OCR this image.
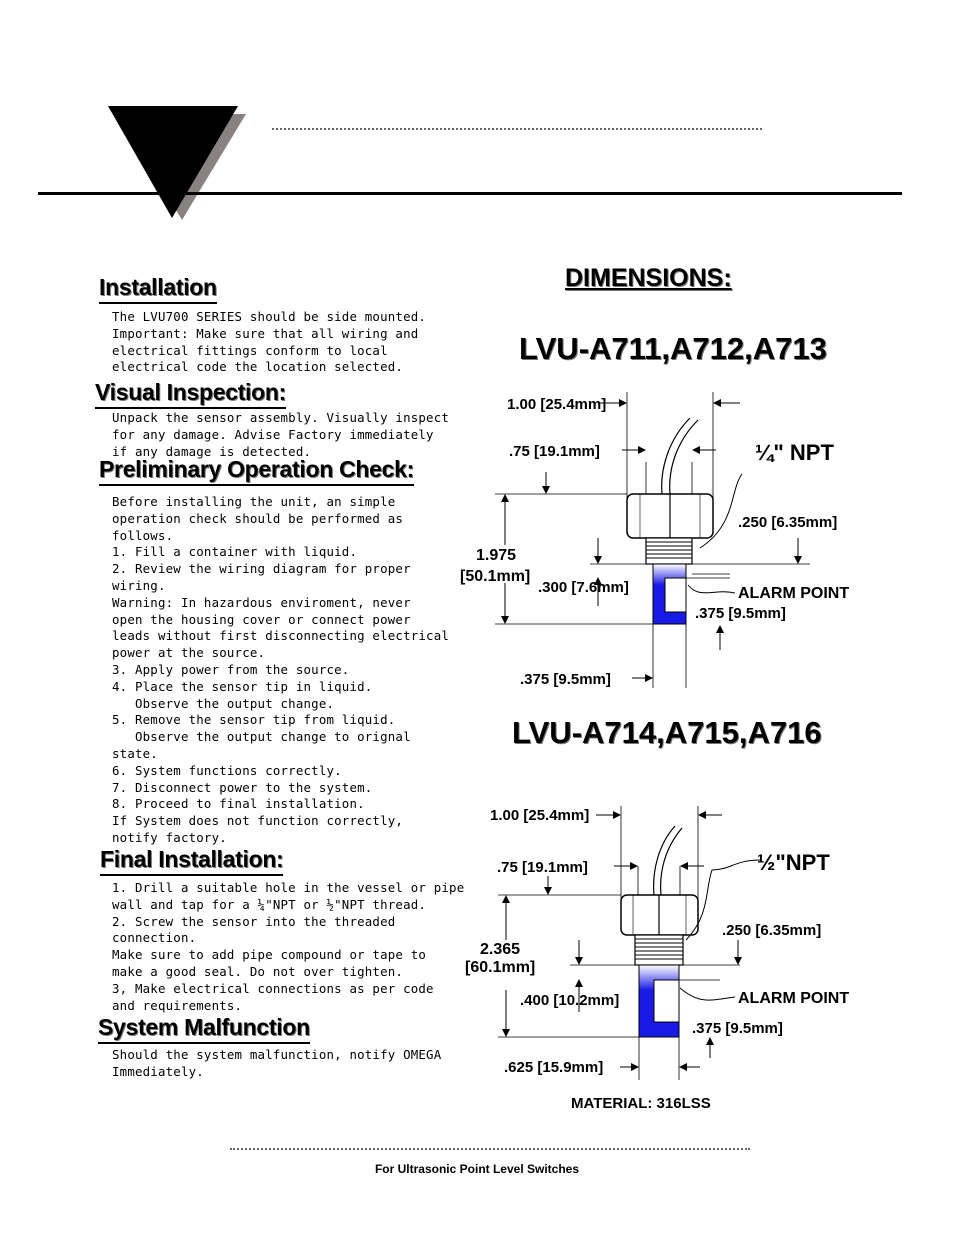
Installation
The LVU700 SERIES should be side mounted.
Important: Make sure that all wiring and
electrical fittings conform to local
electrical code the location selected.
Visual Inspection:
Unpack the sensor assembly. Visually inspect
for any damage. Advise Factory immediately
if any damage is detected.
Preliminary Operation Check:
Before installing the unit, an simple
operation check should be performed as
follows.
1. Fill a container with liquid.
2. Review the wiring diagram for proper
wiring.
Warning: In hazardous enviroment, never
open the housing cover or connect power
leads without first disconnecting electrical
power at the source.
3. Apply power from the source.
4. Place the sensor tip in liquid.
Observe the output change.
5. Remove the sensor tip from liquid.
Observe the output change to orignal
state.
6. System functions correctly.
7. Disconnect power to the system.
8. Proceed to final installation.
If System does not function correctly,
notify factory.
Final Installation:
1. Drill a suitable hole in the vessel or pipe
wall and tap for a ¼"NPT or ½"NPT thread.
2. Screw the sensor into the threaded
connection.
Make sure to add pipe compound or tape to
make a good seal. Do not over tighten.
3, Make electrical connections as per code
and requirements.
System Malfunction
Should the system malfunction, notify OMEGA
Immediately.
DIMENSIONS:
LVU-A711,A712,A713
LVU-A714,A715,A716
1.00 [25.4mm]
.75 [19.1mm]	¼" NPT
.250 [6.35mm]
1.975
[50.1mm]
.300 [7.6mm]	ALARM POINT
.375 [9.5mm]
.375 [9.5mm]
1.00 [25.4mm]
.75 [19.1mm]	½"NPT
.250 [6.35mm]
2.365
[60.1mm]
.400 [10.2mm]	ALARM POINT
.375 [9.5mm]
.625 [15.9mm]
MATERIAL: 316LSS
For Ultrasonic Point Level Switches
